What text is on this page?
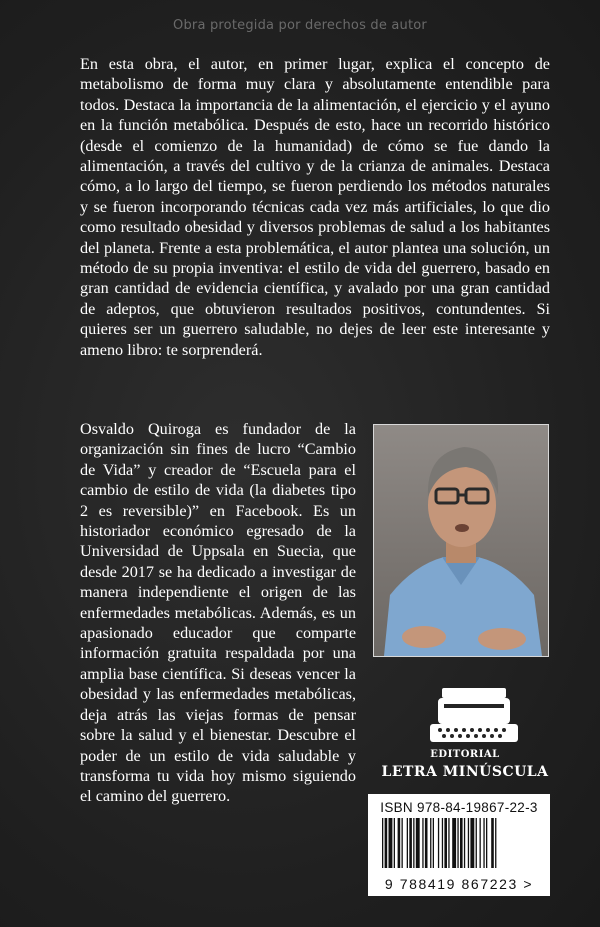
Obra protegida por derechos de autor

En esta obra, el autor, en primer lugar, explica el concepto de metabolismo de forma muy clara y absolutamente entendible para todos. Destaca la importancia de la alimentación, el ejercicio y el ayuno en la función metabólica. Después de esto, hace un recorrido histórico (desde el comienzo de la humanidad) de cómo se fue dando la alimentación, a través del cultivo y de la crianza de animales. Destaca cómo, a lo largo del tiempo, se fueron perdiendo los métodos naturales y se fueron incorporando técnicas cada vez más artificiales, lo que dio como resultado obesidad y diversos problemas de salud a los habitantes del planeta. Frente a esta problemática, el autor plantea una solución, un método de su propia inventiva: el estilo de vida del guerrero, basado en gran cantidad de evidencia científica, y avalado por una gran cantidad de adeptos, que obtuvieron resultados positivos, contundentes. Si quieres ser un guerrero saludable, no dejes de leer este interesante y ameno libro: te sorprenderá.

Osvaldo Quiroga es fundador de la organización sin fines de lucro “Cambio de Vida” y creador de “Escuela para el cambio de estilo de vida (la diabetes tipo 2 es reversible)” en Facebook. Es un historiador económico egresado de la Universidad de Uppsala en Suecia, que desde 2017 se ha dedicado a investigar de manera independiente el origen de las enfermedades metabólicas. Además, es un apasionado educador que comparte información gratuita respaldada por una amplia base científica. Si deseas vencer la obesidad y las enfermedades metabólicas, deja atrás las viejas formas de pensar sobre la salud y el bienestar. Descubre el poder de un estilo de vida saludable y transforma tu vida hoy mismo siguiendo el camino del guerrero.

EDITORIAL
LETRA MINÚSCULA
ISBN 978-84-19867-22-3
9 788419 867223 >
